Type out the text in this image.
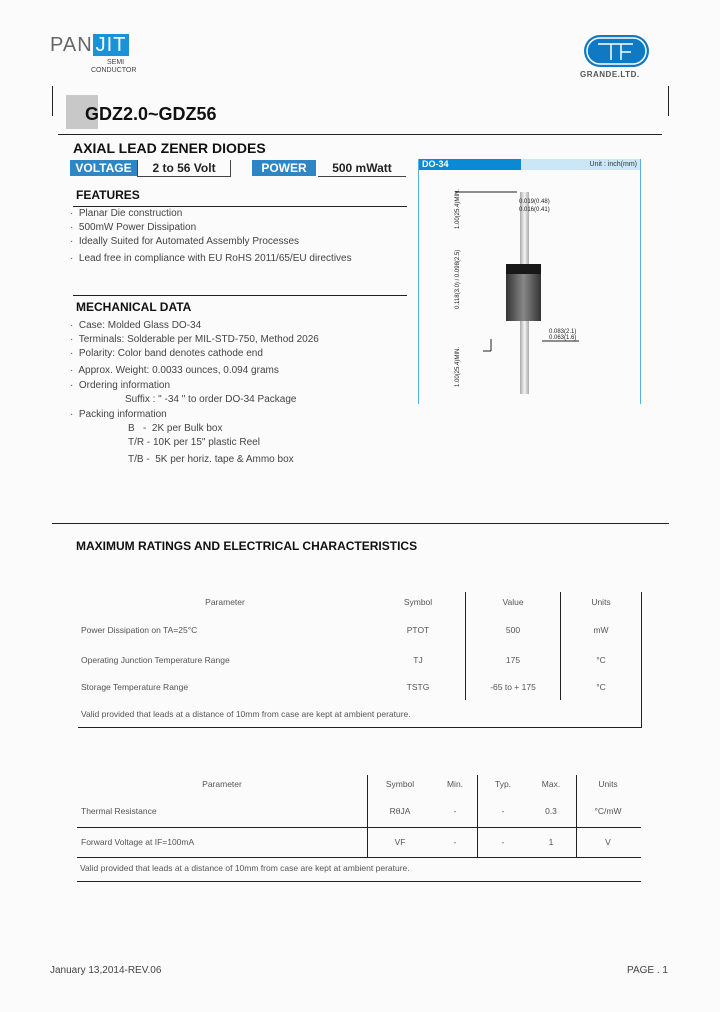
PAN JIT
SEMI
CONDUCTOR	GRANDE.LTD.
GDZ2.0~GDZ56
AXIAL LEAD ZENER DIODES
VOLTAGE	2 to 56 Volt	POWER	500 mWatt	DO-34	Unit : inch(mm)
0.019(0.48)
0.016(0.41)
1.00(25.4)MIN.
0.118(3.0) / 0.098(2.5)
1.00(25.4)MIN.
0.083(2.1)
0.063(1.6)
FEATURES
·  Planar Die construction
·  500mW Power Dissipation
·  Ideally Suited for Automated Assembly Processes
·  Lead free in compliance with EU RoHS 2011/65/EU directives
MECHANICAL DATA
·  Case: Molded Glass DO-34
·  Terminals: Solderable per MIL-STD-750, Method 2026
·  Polarity: Color band denotes cathode end
·  Approx. Weight: 0.0033 ounces, 0.094 grams
·  Ordering information
Suffix : " -34 " to order DO-34 Package
·  Packing information
B   -  2K per Bulk box
T/R - 10K per 15" plastic Reel
T/B -  5K per horiz. tape & Ammo box
MAXIMUM RATINGS AND ELECTRICAL CHARACTERISTICS
Parameter	Symbol	Value	Units
Power Dissipation on TA=25°C	PTOT	500	mW
Operating Junction Temperature Range	TJ	175	°C
Storage Temperature Range	TSTG	-65 to + 175	°C
Valid provided that leads at a distance of 10mm from case are kept at ambient perature.
Parameter	Symbol	Min.	Typ.	Max.	Units
Thermal Resistance	RθJA	-	-	0.3	°C/mW
Forward Voltage at IF=100mA	VF	-	-	1	V
Valid provided that leads at a distance of 10mm from case are kept at ambient perature.
January 13,2014-REV.06	PAGE . 1
